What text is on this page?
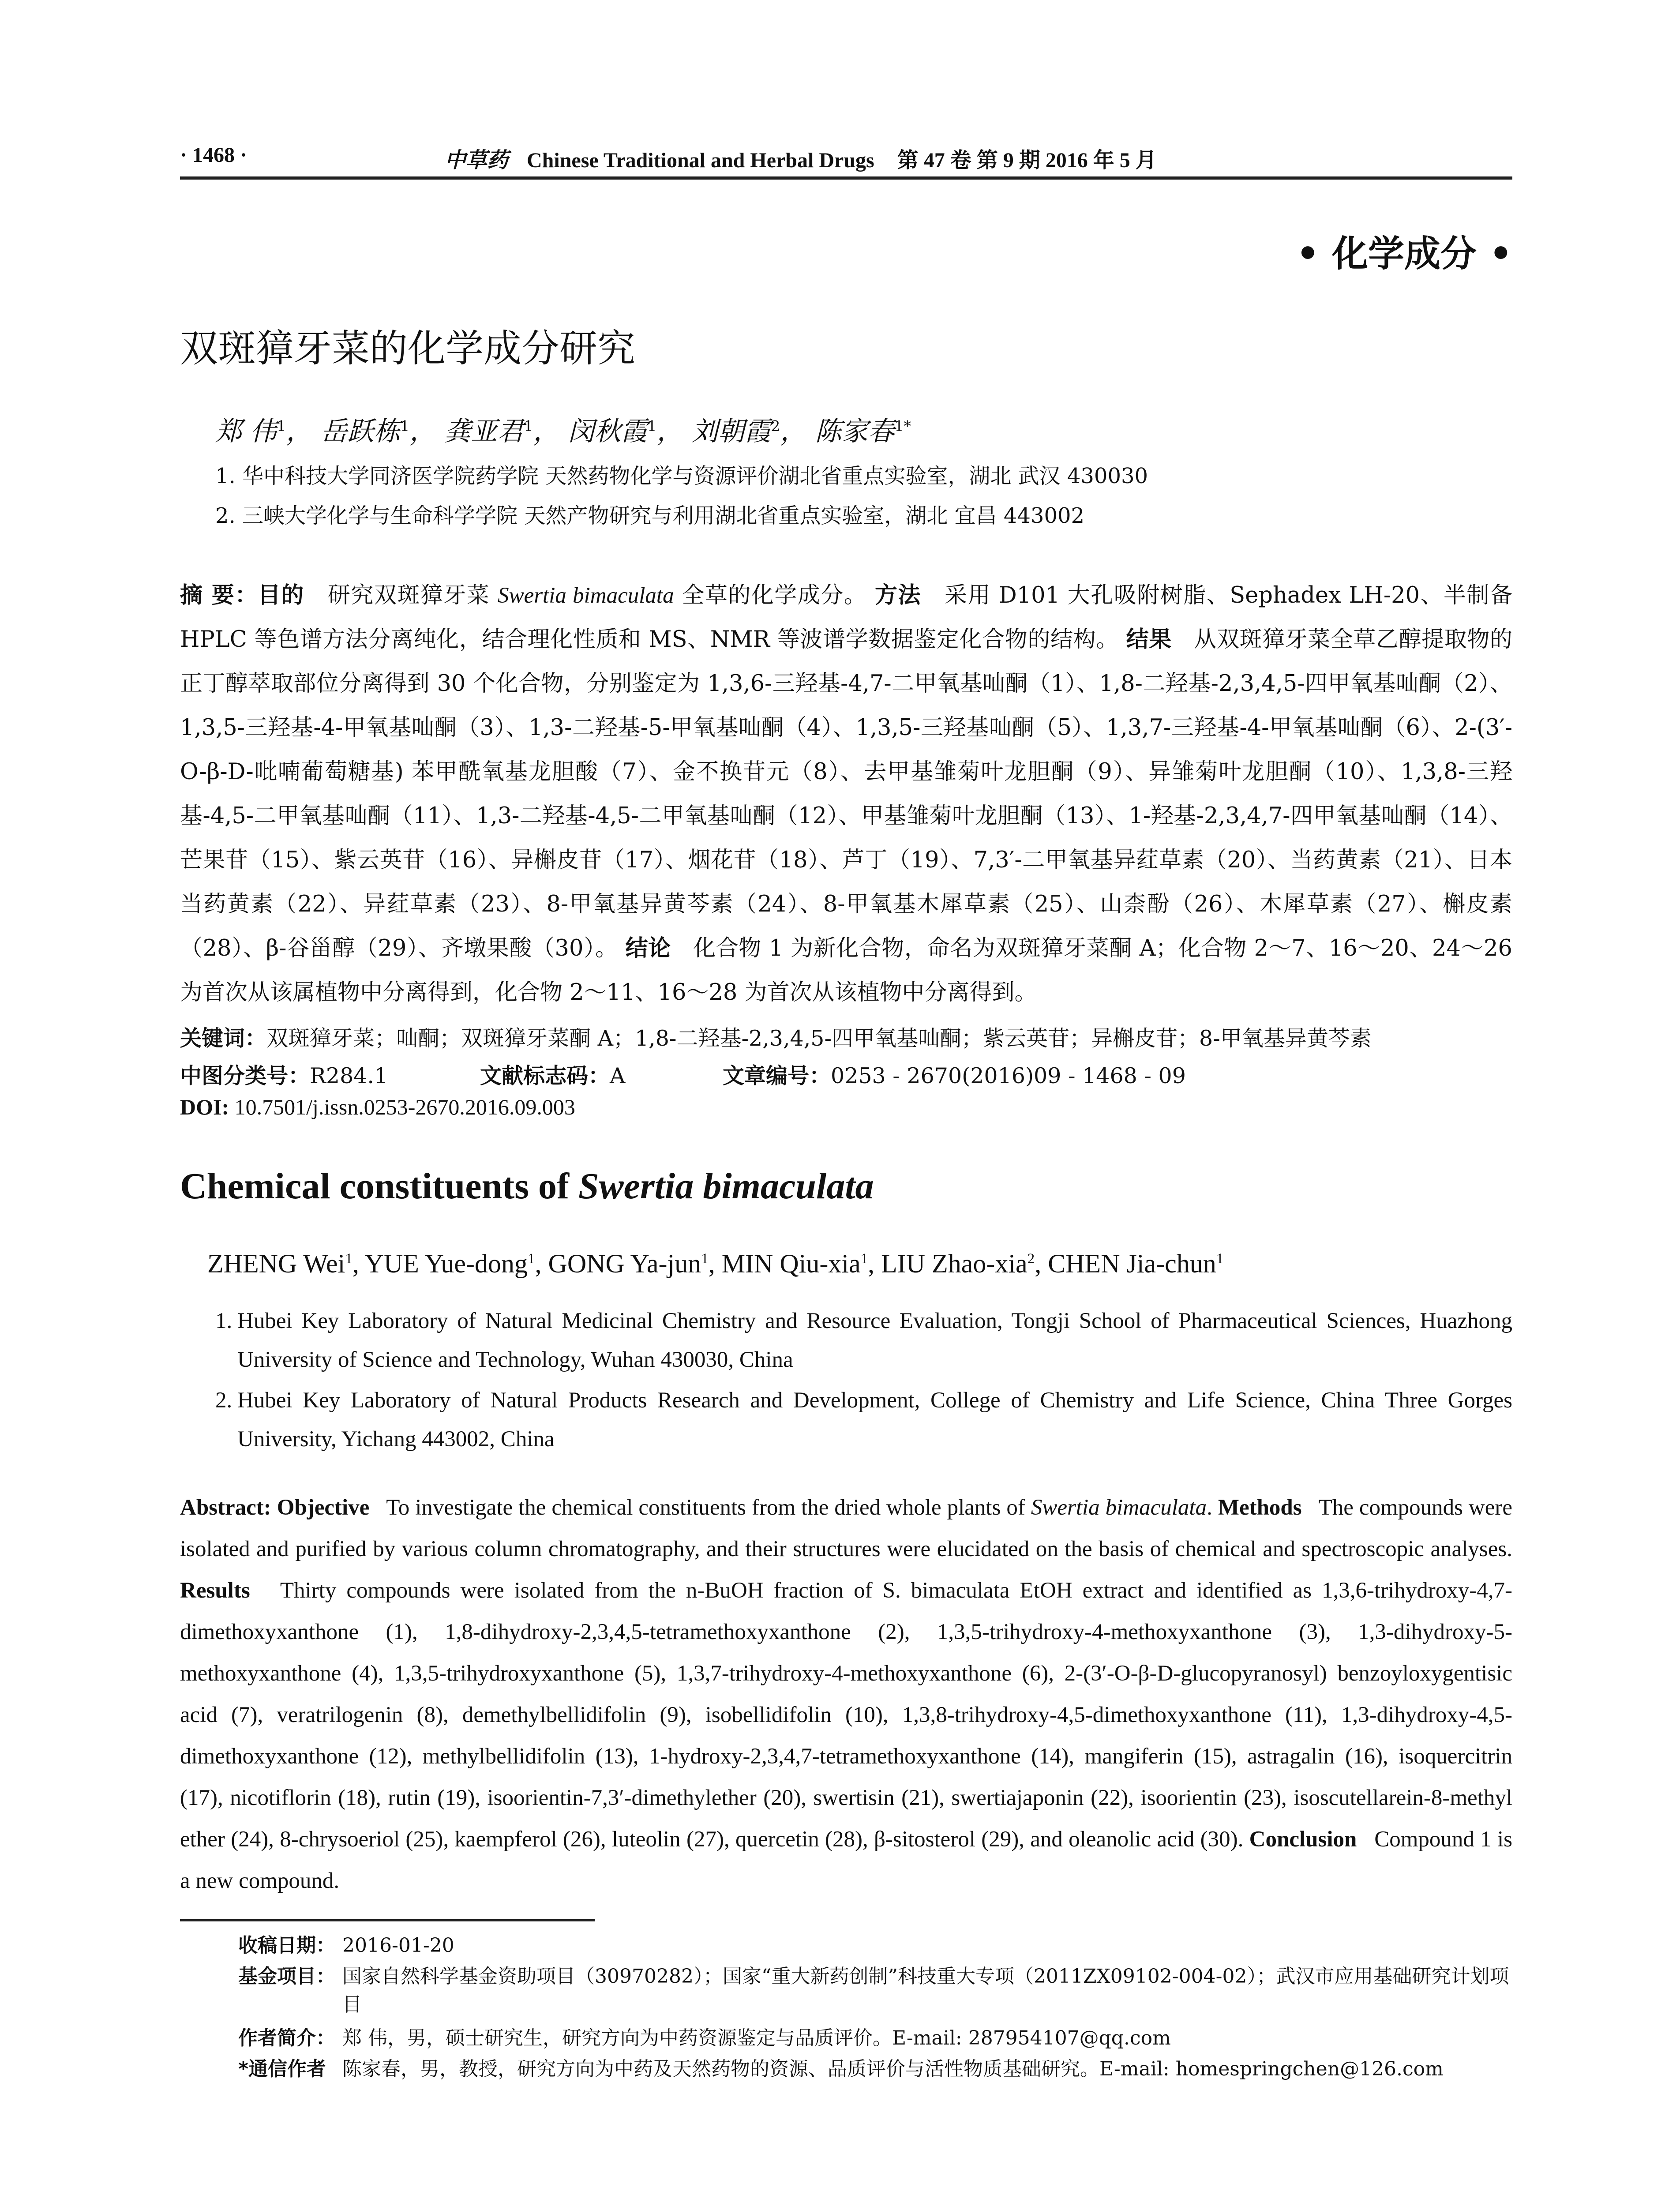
· 1468 ·	中草药 Chinese Traditional and Herbal Drugs 第 47 卷 第 9 期 2016 年 5 月
• 化学成分 •
双斑獐牙菜的化学成分研究
郑 伟$^1$， 岳跃栋$^1$， 龚亚君$^1$， 闵秋霞$^1$， 刘朝霞$^2$， 陈家春$^{1*}$
1. 华中科技大学同济医学院药学院 天然药物化学与资源评价湖北省重点实验室，湖北 武汉 430030
2. 三峡大学化学与生命科学学院 天然产物研究与利用湖北省重点实验室，湖北 宜昌 443002
摘 要：目的 研究双斑獐牙菜 Swertia bimaculata 全草的化学成分。 方法 采用 D101 大孔吸附树脂、Sephadex LH-20、半制备 HPLC 等色谱方法分离纯化，结合理化性质和 MS、NMR 等波谱学数据鉴定化合物的结构。 结果 从双斑獐牙菜全草乙醇提取物的正丁醇萃取部位分离得到 30 个化合物，分别鉴定为 1,3,6-三羟基-4,7-二甲氧基𠮿酮（1）、1,8-二羟基-2,3,4,5-四甲氧基𠮿酮（2）、1,3,5-三羟基-4-甲氧基𠮿酮（3）、1,3-二羟基-5-甲氧基𠮿酮（4）、1,3,5-三羟基𠮿酮（5）、1,3,7-三羟基-4-甲氧基𠮿酮（6）、2-(3′-O-β-D-吡喃葡萄糖基) 苯甲酰氧基龙胆酸（7）、金不换苷元（8）、去甲基雏菊叶龙胆酮（9）、异雏菊叶龙胆酮（10）、1,3,8-三羟基-4,5-二甲氧基𠮿酮（11）、1,3-二羟基-4,5-二甲氧基𠮿酮（12）、甲基雏菊叶龙胆酮（13）、1-羟基-2,3,4,7-四甲氧基𠮿酮（14）、芒果苷（15）、紫云英苷（16）、异槲皮苷（17）、烟花苷（18）、芦丁（19）、7,3′-二甲氧基异荭草素（20）、当药黄素（21）、日本当药黄素（22）、异荭草素（23）、8-甲氧基异黄芩素（24）、8-甲氧基木犀草素（25）、山柰酚（26）、木犀草素（27）、槲皮素（28）、β-谷甾醇（29）、齐墩果酸（30）。 结论 化合物 1 为新化合物，命名为双斑獐牙菜酮 A；化合物 2～7、16～20、24～26 为首次从该属植物中分离得到，化合物 2～11、16～28 为首次从该植物中分离得到。
关键词：双斑獐牙菜；𠮿酮；双斑獐牙菜酮 A；1,8-二羟基-2,3,4,5-四甲氧基𠮿酮；紫云英苷；异槲皮苷；8-甲氧基异黄芩素
中图分类号：R284.1	文献标志码：A	文章编号：0253 - 2670(2016)09 - 1468 - 09
DOI: 10.7501/j.issn.0253-2670.2016.09.003
Chemical constituents of Swertia bimaculata
ZHENG Wei$^1$, YUE Yue-dong$^1$, GONG Ya-jun$^1$, MIN Qiu-xia$^1$, LIU Zhao-xia$^2$, CHEN Jia-chun$^1$
1. Hubei Key Laboratory of Natural Medicinal Chemistry and Resource Evaluation, Tongji School of Pharmaceutical Sciences, Huazhong University of Science and Technology, Wuhan 430030, China
2. Hubei Key Laboratory of Natural Products Research and Development, College of Chemistry and Life Science, China Three Gorges University, Yichang 443002, China
Abstract: Objective To investigate the chemical constituents from the dried whole plants of Swertia bimaculata. Methods The compounds were isolated and purified by various column chromatography, and their structures were elucidated on the basis of chemical and spectroscopic analyses. Results Thirty compounds were isolated from the n-BuOH fraction of S. bimaculata EtOH extract and identified as 1,3,6-trihydroxy-4,7-dimethoxyxanthone (1), 1,8-dihydroxy-2,3,4,5-tetramethoxyxanthone (2), 1,3,5-trihydroxy-4-methoxyxanthone (3), 1,3-dihydroxy-5-methoxyxanthone (4), 1,3,5-trihydroxyxanthone (5), 1,3,7-trihydroxy-4-methoxyxanthone (6), 2-(3′-O-β-D-glucopyranosyl) benzoyloxygentisic acid (7), veratrilogenin (8), demethylbellidifolin (9), isobellidifolin (10), 1,3,8-trihydroxy-4,5-dimethoxyxanthone (11), 1,3-dihydroxy-4,5-dimethoxyxanthone (12), methylbellidifolin (13), 1-hydroxy-2,3,4,7-tetramethoxyxanthone (14), mangiferin (15), astragalin (16), isoquercitrin (17), nicotiflorin (18), rutin (19), isoorientin-7,3′-dimethylether (20), swertisin (21), swertiajaponin (22), isoorientin (23), isoscutellarein-8-methyl ether (24), 8-chrysoeriol (25), kaempferol (26), luteolin (27), quercetin (28), β-sitosterol (29), and oleanolic acid (30). Conclusion Compound 1 is a new compound.
收稿日期： 2016-01-20
基金项目： 国家自然科学基金资助项目（30970282）；国家“重大新药创制”科技重大专项（2011ZX09102-004-02）；武汉市应用基础研究计划项目
作者简介： 郑 伟，男，硕士研究生，研究方向为中药资源鉴定与品质评价。E-mail: 287954107@qq.com
*通信作者 陈家春，男，教授，研究方向为中药及天然药物的资源、品质评价与活性物质基础研究。E-mail: homespringchen@126.com
